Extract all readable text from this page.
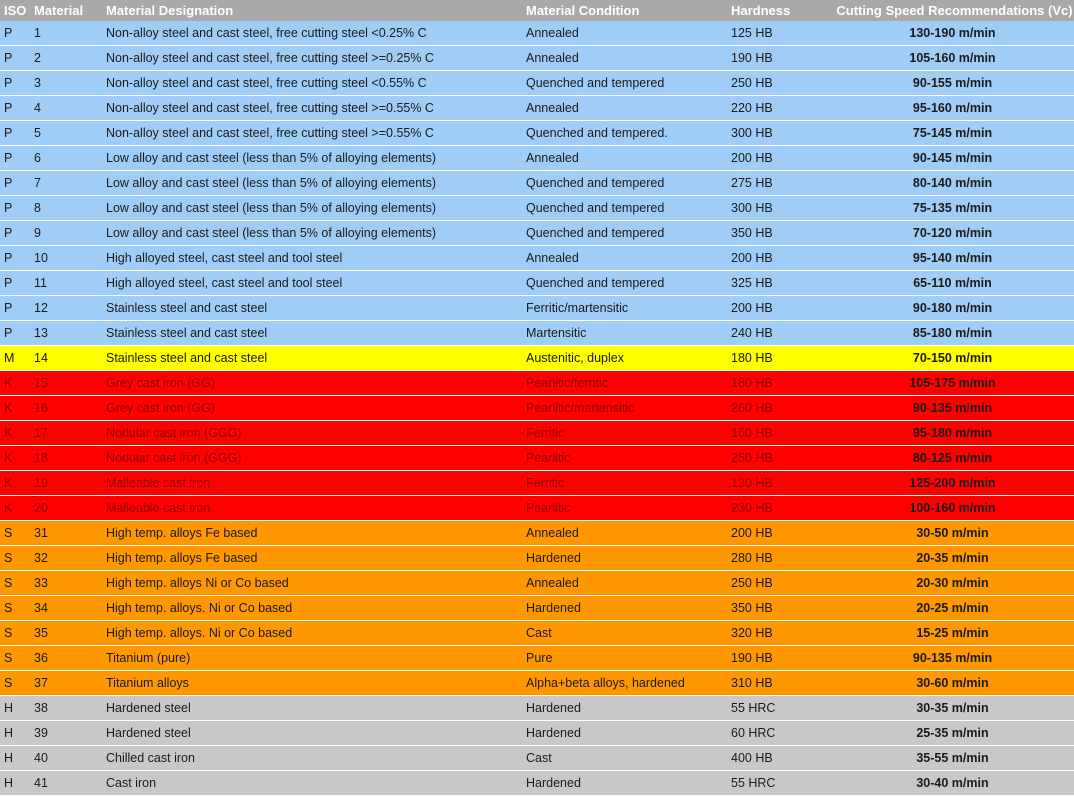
ISO	Material	Material Designation	Material Condition	Hardness	Cutting Speed Recommendations (Vc)
P	1	Non-alloy steel and cast steel, free cutting steel <0.25% C	Annealed	125 HB	130-190 m/min
P	2	Non-alloy steel and cast steel, free cutting steel >=0.25% C	Annealed	190 HB	105-160 m/min
P	3	Non-alloy steel and cast steel, free cutting steel <0.55% C	Quenched and tempered	250 HB	90-155 m/min
P	4	Non-alloy steel and cast steel, free cutting steel >=0.55% C	Annealed	220 HB	95-160 m/min
P	5	Non-alloy steel and cast steel, free cutting steel >=0.55% C	Quenched and tempered.	300 HB	75-145 m/min
P	6	Low alloy and cast steel (less than 5% of alloying elements)	Annealed	200 HB	90-145 m/min
P	7	Low alloy and cast steel (less than 5% of alloying elements)	Quenched and tempered	275 HB	80-140 m/min
P	8	Low alloy and cast steel (less than 5% of alloying elements)	Quenched and tempered	300 HB	75-135 m/min
P	9	Low alloy and cast steel (less than 5% of alloying elements)	Quenched and tempered	350 HB	70-120 m/min
P	10	High alloyed steel, cast steel and tool steel	Annealed	200 HB	95-140 m/min
P	11	High alloyed steel, cast steel and tool steel	Quenched and tempered	325 HB	65-110 m/min
P	12	Stainless steel and cast steel	Ferritic/martensitic	200 HB	90-180 m/min
P	13	Stainless steel and cast steel	Martensitic	240 HB	85-180 m/min
M	14	Stainless steel and cast steel	Austenitic, duplex	180 HB	70-150 m/min
K	15	Grey cast iron (GG)	Pearlitic/ferritic	180 HB	105-175 m/min
K	16	Grey cast iron (GG)	Pearlitic/martensitic	260 HB	90-135 m/min
K	17	Nodular cast iron (GGG)	Ferritic	160 HB	95-180 m/min
K	18	Nodular cast iron (GGG)	Pearlitic	250 HB	80-125 m/min
K	19	Malleable cast iron	Ferritic	130 HB	125-200 m/min
K	20	Malleable cast iron	Pearlitic	230 HB	100-160 m/min
S	31	High temp. alloys Fe based	Annealed	200 HB	30-50 m/min
S	32	High temp. alloys Fe based	Hardened	280 HB	20-35 m/min
S	33	High temp. alloys Ni or Co based	Annealed	250 HB	20-30 m/min
S	34	High temp. alloys. Ni or Co based	Hardened	350 HB	20-25 m/min
S	35	High temp. alloys. Ni or Co based	Cast	320 HB	15-25 m/min
S	36	Titanium (pure)	Pure	190 HB	90-135 m/min
S	37	Titanium alloys	Alpha+beta alloys, hardened	310 HB	30-60 m/min
H	38	Hardened steel	Hardened	55 HRC	30-35 m/min
H	39	Hardened steel	Hardened	60 HRC	25-35 m/min
H	40	Chilled cast iron	Cast	400 HB	35-55 m/min
H	41	Cast iron	Hardened	55 HRC	30-40 m/min
